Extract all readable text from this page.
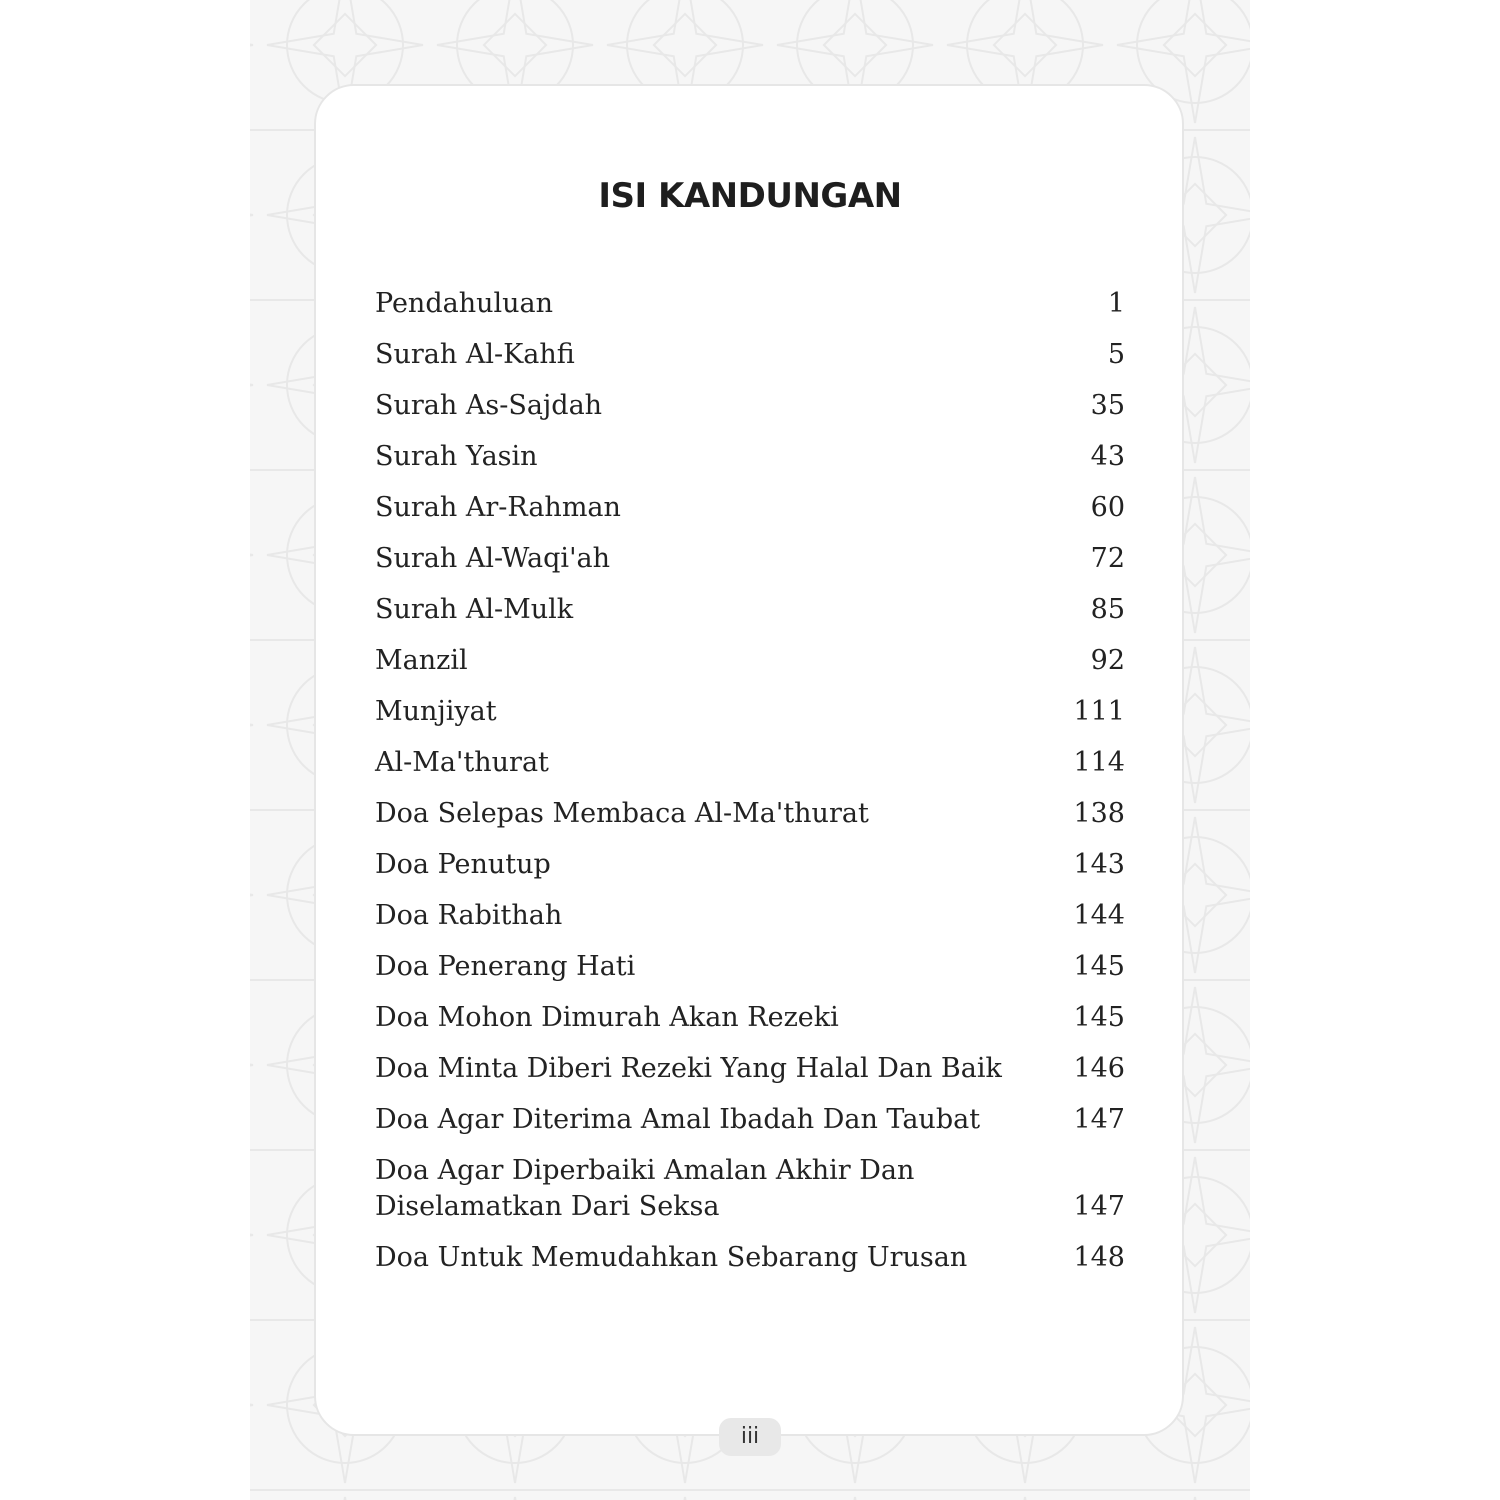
ISI KANDUNGAN
Pendahuluan	1
Surah Al-Kahfi	5
Surah As-Sajdah	35
Surah Yasin	43
Surah Ar-Rahman	60
Surah Al-Waqi'ah	72
Surah Al-Mulk	85
Manzil	92
Munjiyat	111
Al-Ma'thurat	114
Doa Selepas Membaca Al-Ma'thurat	138
Doa Penutup	143
Doa Rabithah	144
Doa Penerang Hati	145
Doa Mohon Dimurah Akan Rezeki	145
Doa Minta Diberi Rezeki Yang Halal Dan Baik	146
Doa Agar Diterima Amal Ibadah Dan Taubat	147
Doa Agar Diperbaiki Amalan Akhir Dan
Diselamatkan Dari Seksa	147
Doa Untuk Memudahkan Sebarang Urusan	148
iii
